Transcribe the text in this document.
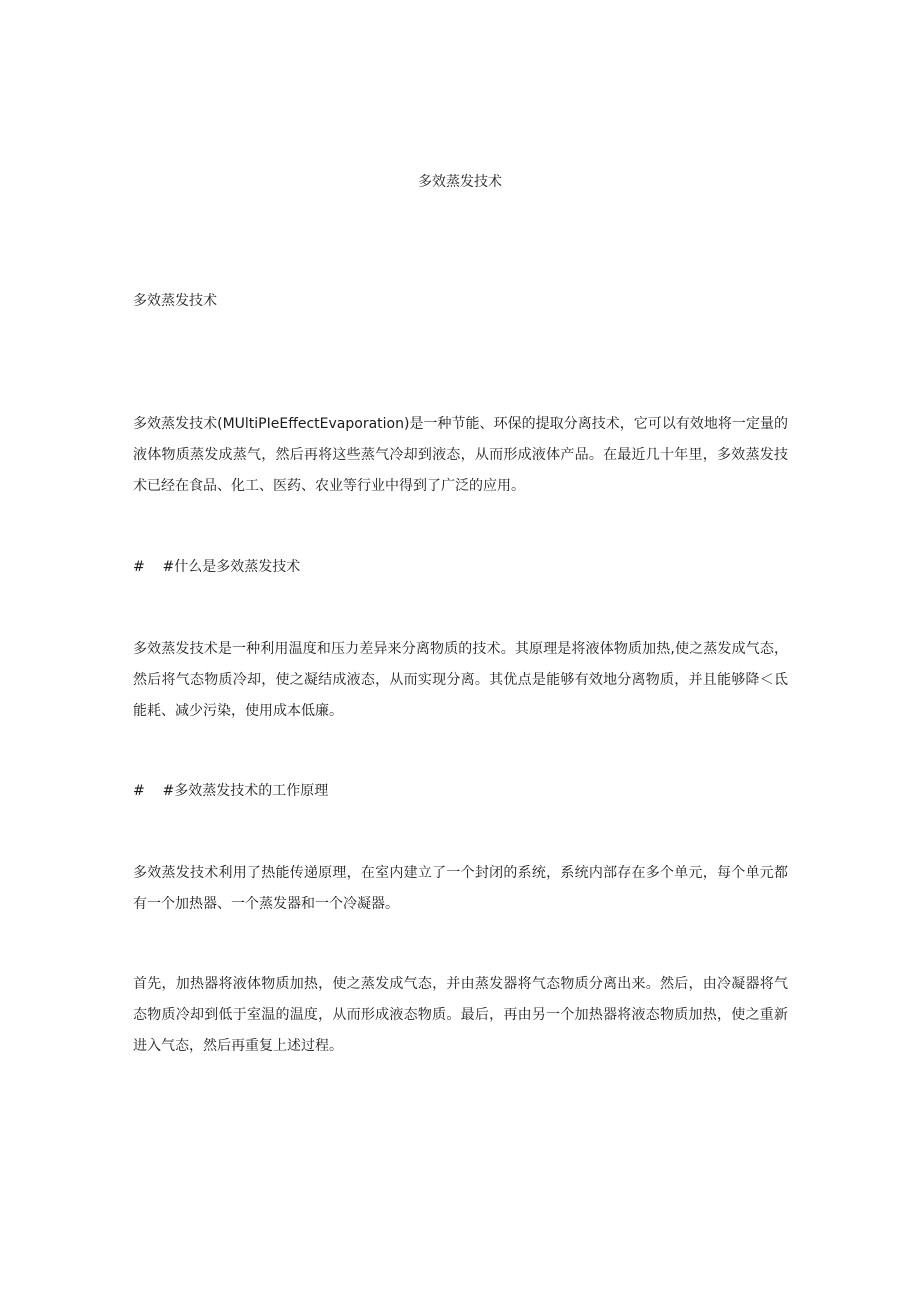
多效蒸发技术

多效蒸发技术

多效蒸发技术(MUltiPIeEffectEvaporation)是一种节能、环保的提取分离技术，它可以有效地将一定量的液体物质蒸发成蒸气，然后再将这些蒸气冷却到液态，从而形成液体产品。在最近几十年里，多效蒸发技术已经在食品、化工、医药、农业等行业中得到了广泛的应用。

#    #什么是多效蒸发技术

多效蒸发技术是一种利用温度和压力差异来分离物质的技术。其原理是将液体物质加热,使之蒸发成气态，然后将气态物质冷却，使之凝结成液态，从而实现分离。其优点是能够有效地分离物质，并且能够降＜氐能耗、减少污染，使用成本低廉。

#    #多效蒸发技术的工作原理

多效蒸发技术利用了热能传递原理，在室内建立了一个封闭的系统，系统内部存在多个单元，每个单元都有一个加热器、一个蒸发器和一个冷凝器。

首先，加热器将液体物质加热，使之蒸发成气态，并由蒸发器将气态物质分离出来。然后，由冷凝器将气态物质冷却到低于室温的温度，从而形成液态物质。最后，再由另一个加热器将液态物质加热，使之重新进入气态，然后再重复上述过程。
